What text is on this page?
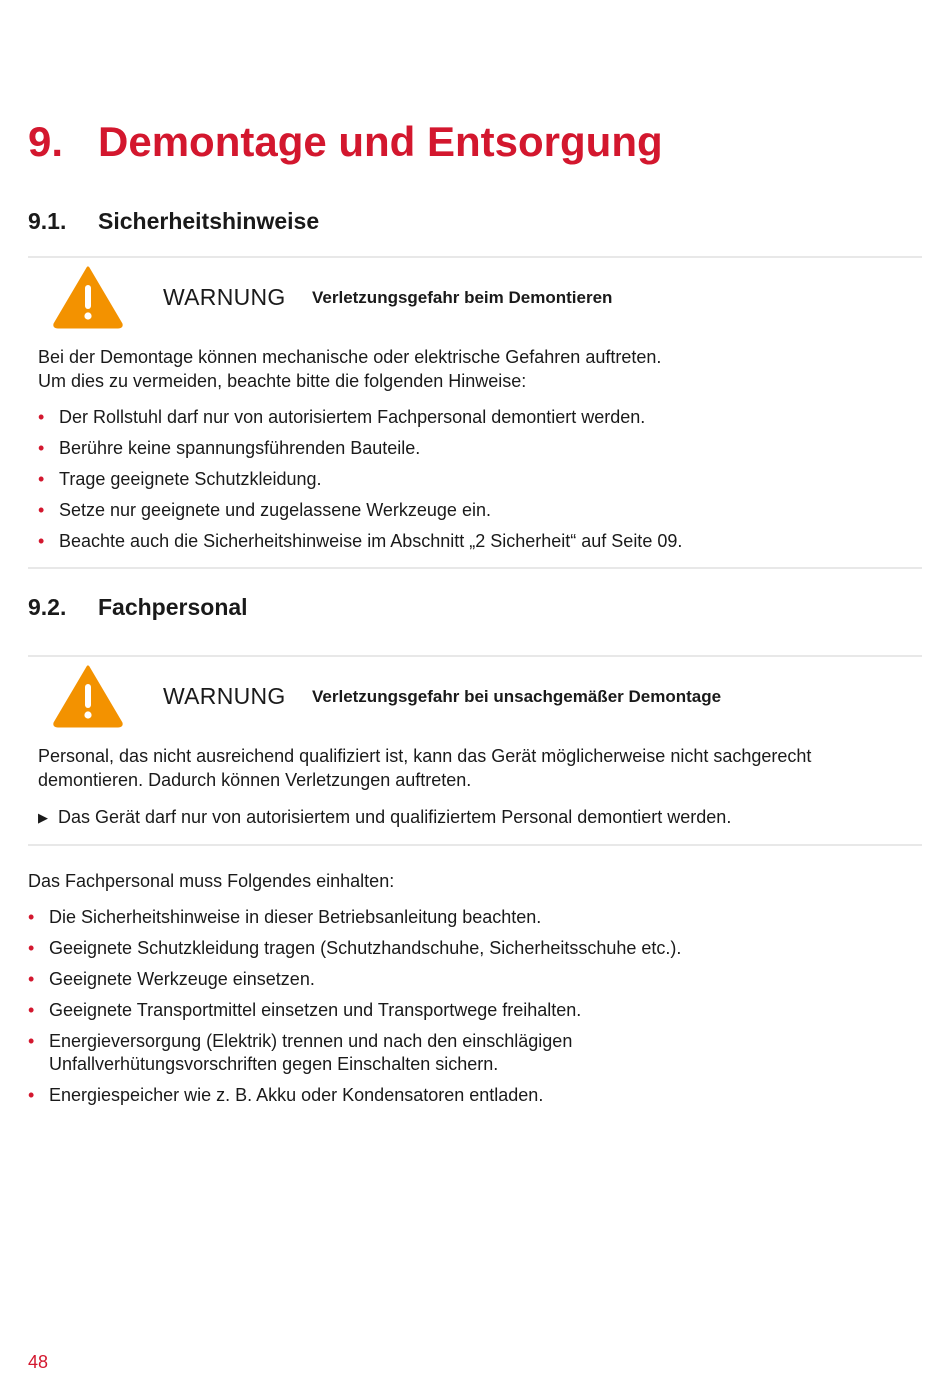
9. Demontage und Entsorgung
9.1. Sicherheitshinweise
WARNUNG Verletzungsgefahr beim Demontieren
Bei der Demontage können mechanische oder elektrische Gefahren auftreten.
Um dies zu vermeiden, beachte bitte die folgenden Hinweise:
• Der Rollstuhl darf nur von autorisiertem Fachpersonal demontiert werden.
• Berühre keine spannungsführenden Bauteile.
• Trage geeignete Schutzkleidung.
• Setze nur geeignete und zugelassene Werkzeuge ein.
• Beachte auch die Sicherheitshinweise im Abschnitt „2 Sicherheit“ auf Seite 09.
9.2. Fachpersonal
WARNUNG Verletzungsgefahr bei unsachgemäßer Demontage
Personal, das nicht ausreichend qualifiziert ist, kann das Gerät möglicherweise nicht sachgerecht
demontieren. Dadurch können Verletzungen auftreten.
▶ Das Gerät darf nur von autorisiertem und qualifiziertem Personal demontiert werden.
Das Fachpersonal muss Folgendes einhalten:
• Die Sicherheitshinweise in dieser Betriebsanleitung beachten.
• Geeignete Schutzkleidung tragen (Schutzhandschuhe, Sicherheitsschuhe etc.).
• Geeignete Werkzeuge einsetzen.
• Geeignete Transportmittel einsetzen und Transportwege freihalten.
• Energieversorgung (Elektrik) trennen und nach den einschlägigen
Unfallverhütungsvorschriften gegen Einschalten sichern.
• Energiespeicher wie z. B. Akku oder Kondensatoren entladen.
48
